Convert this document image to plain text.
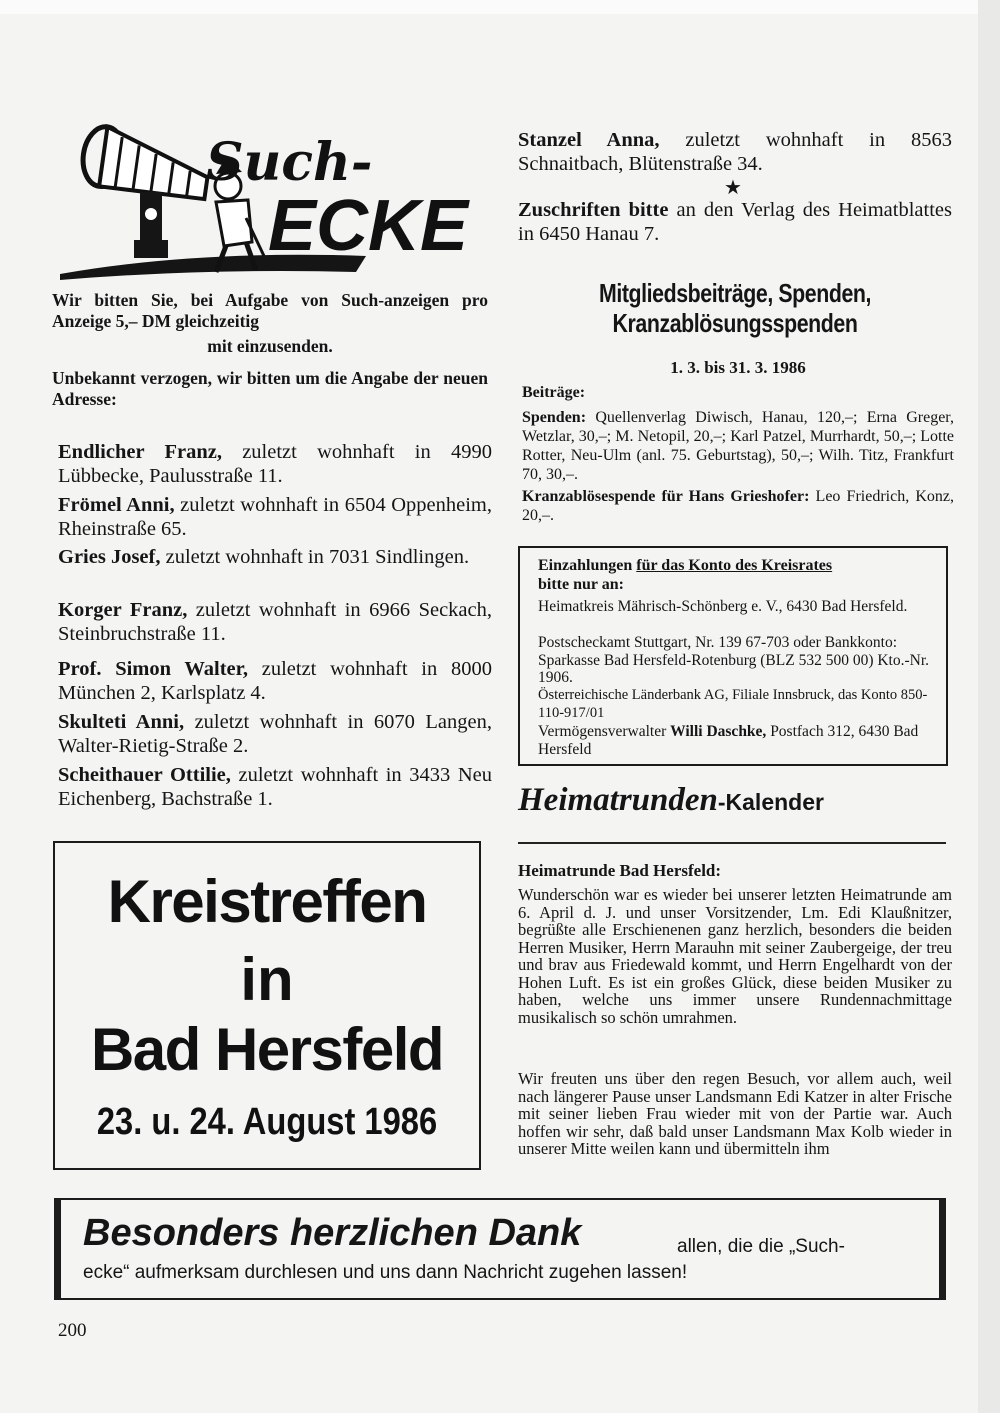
Such-
ECKE
Wir bitten Sie, bei Aufgabe von Such-anzeigen pro Anzeige 5,– DM gleichzeitig
mit einzusenden.
Unbekannt verzogen, wir bitten um die Angabe der neuen Adresse:
Endlicher Franz, zuletzt wohnhaft in 4990 Lübbecke, Paulusstraße 11.
Frömel Anni, zuletzt wohnhaft in 6504 Oppenheim, Rheinstraße 65.
Gries Josef, zuletzt wohnhaft in 7031 Sindlingen.
Korger Franz, zuletzt wohnhaft in 6966 Seckach, Steinbruchstraße 11.
Prof. Simon Walter, zuletzt wohnhaft in 8000 München 2, Karlsplatz 4.
Skulteti Anni, zuletzt wohnhaft in 6070 Langen, Walter-Rietig-Straße 2.
Scheithauer Ottilie, zuletzt wohnhaft in 3433 Neu Eichenberg, Bachstraße 1.
Kreistreffen
in
Bad Hersfeld
23. u. 24. August 1986
Stanzel Anna, zuletzt wohnhaft in 8563 Schnaitbach, Blütenstraße 34.
★
Zuschriften bitte an den Verlag des Heimatblattes in 6450 Hanau 7.
Mitgliedsbeiträge, Spenden,
Kranzablösungsspenden
1. 3. bis 31. 3. 1986
Beiträge:
Spenden: Quellenverlag Diwisch, Hanau, 120,–; Erna Greger, Wetzlar, 30,–; M. Netopil, 20,–; Karl Patzel, Murrhardt, 50,–; Lotte Rotter, Neu-Ulm (anl. 75. Geburtstag), 50,–; Wilh. Titz, Frankfurt 70, 30,–.
Kranzablösespende für Hans Grieshofer: Leo Friedrich, Konz, 20,–.
Einzahlungen für das Konto des Kreisrates
bitte nur an:
Heimatkreis Mährisch-Schönberg e. V., 6430 Bad Hersfeld.
Postscheckamt Stuttgart, Nr. 139 67-703 oder Bankkonto: Sparkasse Bad Hersfeld-Rotenburg (BLZ 532 500 00) Kto.-Nr. 1906.
Österreichische Länderbank AG, Filiale Innsbruck, das Konto 850-110-917/01
Vermögensverwalter Willi Daschke, Postfach 312, 6430 Bad Hersfeld
Heimatrunden-Kalender
Heimatrunde Bad Hersfeld:
Wunderschön war es wieder bei unserer letzten Heimatrunde am 6. April d. J. und unser Vorsitzender, Lm. Edi Klaußnitzer, begrüßte alle Erschienenen ganz herzlich, besonders die beiden Herren Musiker, Herrn Marauhn mit seiner Zaubergeige, der treu und brav aus Friedewald kommt, und Herrn Engelhardt von der Hohen Luft. Es ist ein großes Glück, diese beiden Musiker zu haben, welche uns immer unsere Rundennachmittage musikalisch so schön umrahmen.
Wir freuten uns über den regen Besuch, vor allem auch, weil nach längerer Pause unser Landsmann Edi Katzer in alter Frische mit seiner lieben Frau wieder mit von der Partie war. Auch hoffen wir sehr, daß bald unser Landsmann Max Kolb wieder in unserer Mitte weilen kann und übermitteln ihm
Besonders herzlichen Dank	allen, die die „Such-
ecke“ aufmerksam durchlesen und uns dann Nachricht zugehen lassen!
200
